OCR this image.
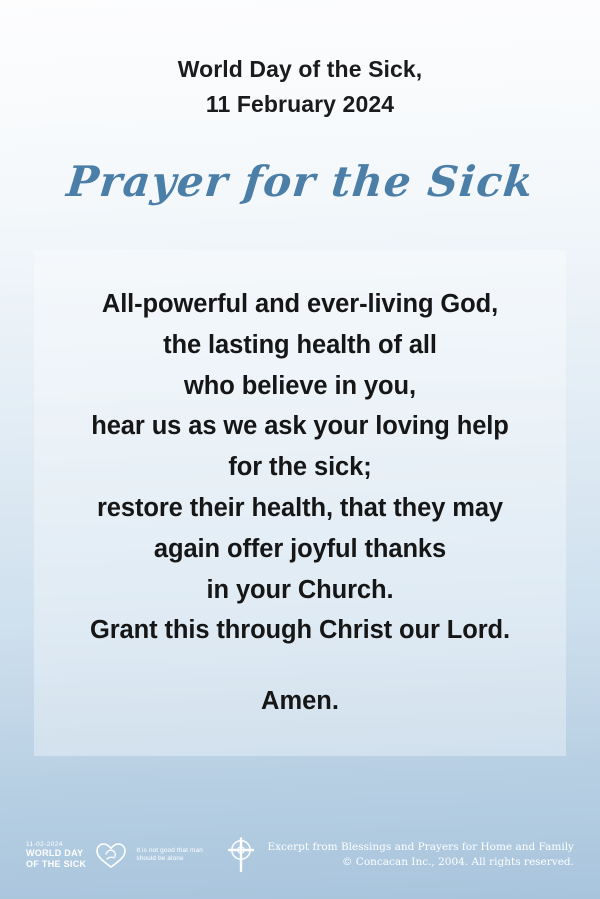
World Day of the Sick,
11 February 2024
Prayer for the Sick
All-powerful and ever-living God,
the lasting health of all
who believe in you,
hear us as we ask your loving help
for the sick;
restore their health, that they may
again offer joyful thanks
in your Church.
Grant this through Christ our Lord.
Amen.
11-02-2024
WORLD DAY
OF THE SICK
It is not good that man should be alone
Excerpt from Blessings and Prayers for Home and Family
© Concacan Inc., 2004. All rights reserved.
